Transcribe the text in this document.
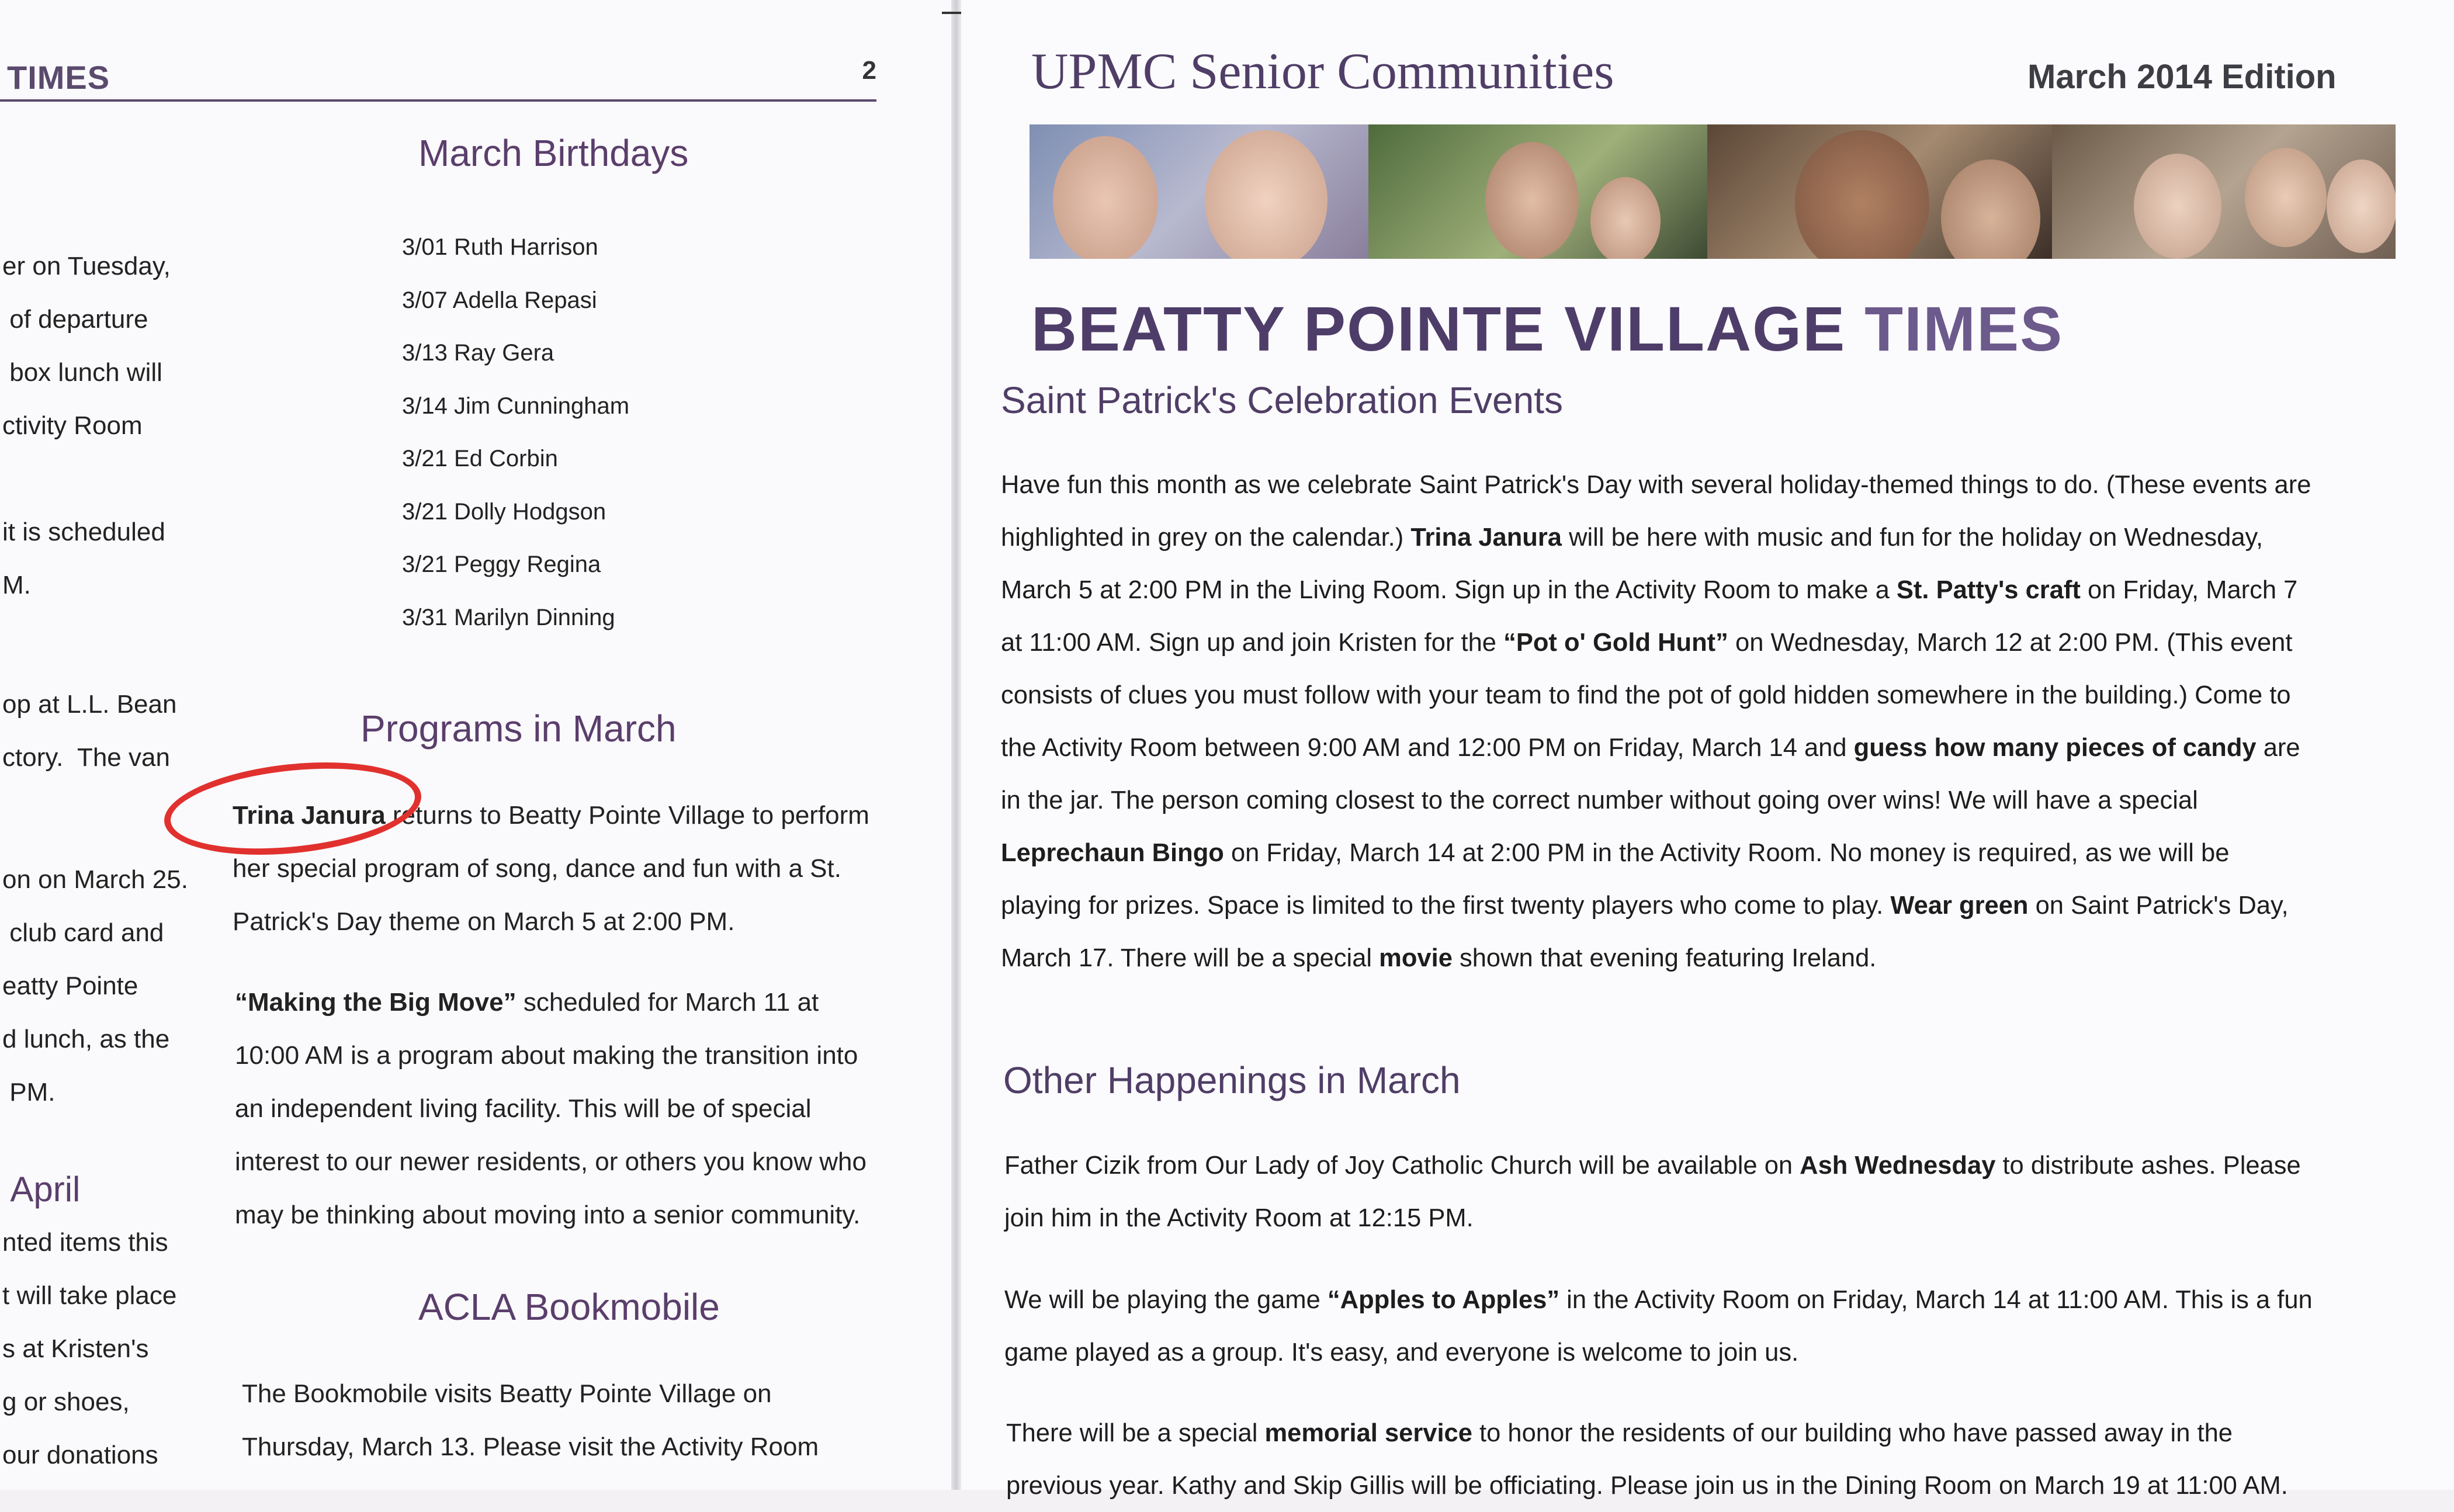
TIMES	2
er on Tuesday,
of departure
box lunch will
ctivity Room
it is scheduled
M.
op at L.L. Bean
ctory.  The van
on on March 25.
club card and
eatty Pointe
d lunch, as the
PM.
April
nted items this
t will take place
s at Kristen's
g or shoes,
our donations
March Birthdays
3/01 Ruth Harrison
3/07 Adella Repasi
3/13 Ray Gera
3/14 Jim Cunningham
3/21 Ed Corbin
3/21 Dolly Hodgson
3/21 Peggy Regina
3/31 Marilyn Dinning
Programs in March
Trina Janura returns to Beatty Pointe Village to perform
her special program of song, dance and fun with a St.
Patrick's Day theme on March 5 at 2:00 PM.
“Making the Big Move” scheduled for March 11 at
10:00 AM is a program about making the transition into
an independent living facility. This will be of special
interest to our newer residents, or others you know who
may be thinking about moving into a senior community.
ACLA Bookmobile
The Bookmobile visits Beatty Pointe Village on
Thursday, March 13. Please visit the Activity Room
UPMC Senior Communities	March 2014 Edition
BEATTY POINTE VILLAGE TIMES
Saint Patrick's Celebration Events
Have fun this month as we celebrate Saint Patrick's Day with several holiday-themed things to do. (These events are
highlighted in grey on the calendar.) Trina Janura will be here with music and fun for the holiday on Wednesday,
March 5 at 2:00 PM in the Living Room. Sign up in the Activity Room to make a St. Patty's craft on Friday, March 7
at 11:00 AM. Sign up and join Kristen for the “Pot o' Gold Hunt” on Wednesday, March 12 at 2:00 PM. (This event
consists of clues you must follow with your team to find the pot of gold hidden somewhere in the building.) Come to
the Activity Room between 9:00 AM and 12:00 PM on Friday, March 14 and guess how many pieces of candy are
in the jar. The person coming closest to the correct number without going over wins! We will have a special
Leprechaun Bingo on Friday, March 14 at 2:00 PM in the Activity Room. No money is required, as we will be
playing for prizes. Space is limited to the first twenty players who come to play. Wear green on Saint Patrick's Day,
March 17. There will be a special movie shown that evening featuring Ireland.
Other Happenings in March
Father Cizik from Our Lady of Joy Catholic Church will be available on Ash Wednesday to distribute ashes. Please
join him in the Activity Room at 12:15 PM.
We will be playing the game “Apples to Apples” in the Activity Room on Friday, March 14 at 11:00 AM. This is a fun
game played as a group. It's easy, and everyone is welcome to join us.
There will be a special memorial service to honor the residents of our building who have passed away in the
previous year. Kathy and Skip Gillis will be officiating. Please join us in the Dining Room on March 19 at 11:00 AM.
